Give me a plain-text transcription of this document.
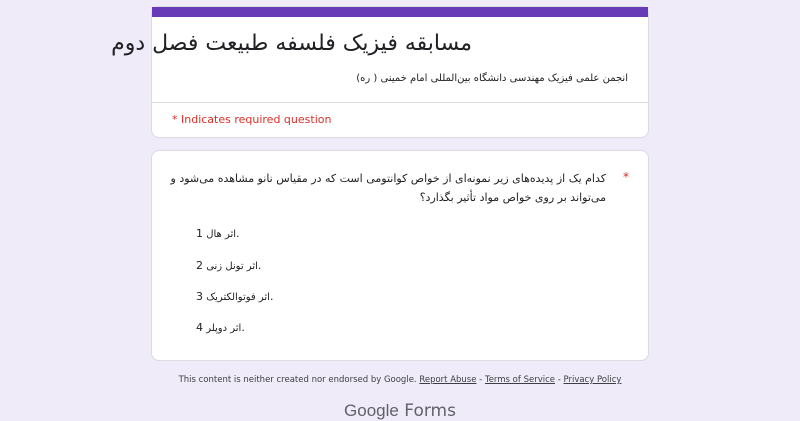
مسابقه فیزیک فلسفه طبیعت فصل دوم
انجمن علمی فیزیک مهندسی دانشگاه بین‌المللی امام خمینی ( ره)
* Indicates required question
*
کدام یک از پدیده‌های زیر نمونه‌ای از خواص کوانتومی است که در مقیاس نانو مشاهده می‌شود و می‌تواند بر روی خواص مواد تأثیر بگذارد؟
اثر هال 1.
اثر تونل زنی 2.
اثر فوتوالکتریک 3.
اثر دوپلر 4.
This content is neither created nor endorsed by Google. Report Abuse - Terms of Service - Privacy Policy
Google Forms
